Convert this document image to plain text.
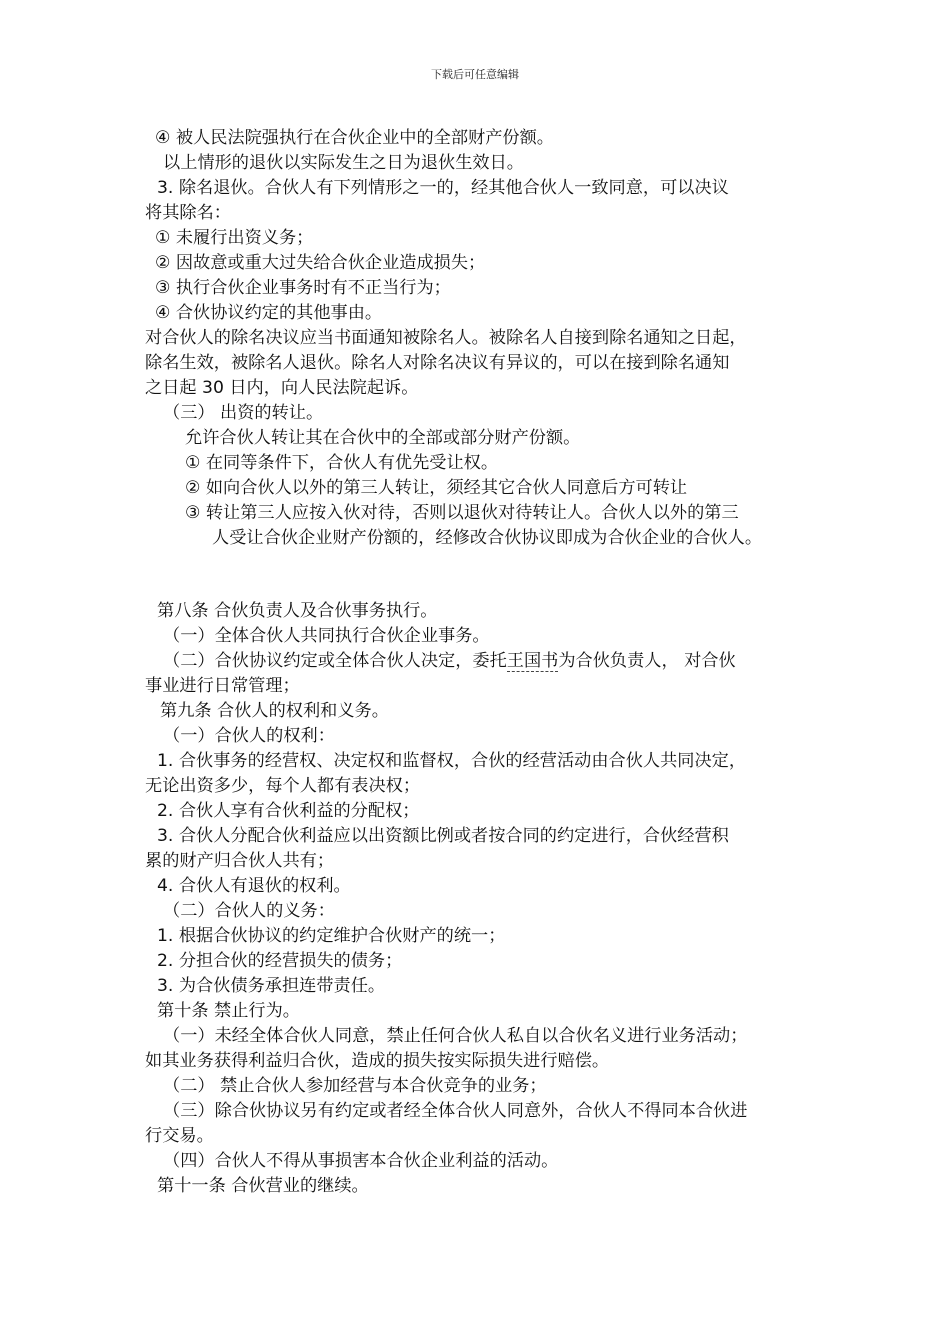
下载后可任意编辑
④ 被人民法院强执行在合伙企业中的全部财产份额。
以上情形的退伙以实际发生之日为退伙生效日。
3. 除名退伙。合伙人有下列情形之一的，经其他合伙人一致同意，可以决议
将其除名：
① 未履行出资义务；
② 因故意或重大过失给合伙企业造成损失；
③ 执行合伙企业事务时有不正当行为；
④ 合伙协议约定的其他事由。
对合伙人的除名决议应当书面通知被除名人。被除名人自接到除名通知之日起，
除名生效，被除名人退伙。除名人对除名决议有异议的，可以在接到除名通知
之日起 30 日内，向人民法院起诉。
（三） 出资的转让。
允许合伙人转让其在合伙中的全部或部分财产份额。
① 在同等条件下，合伙人有优先受让权。
② 如向合伙人以外的第三人转让，须经其它合伙人同意后方可转让
③ 转让第三人应按入伙对待，否则以退伙对待转让人。合伙人以外的第三
人受让合伙企业财产份额的，经修改合伙协议即成为合伙企业的合伙人。
第八条 合伙负责人及合伙事务执行。
（一）全体合伙人共同执行合伙企业事务。
（二）合伙协议约定或全体合伙人决定，委托王国书为合伙负责人， 对合伙
事业进行日常管理；
第九条 合伙人的权利和义务。
（一）合伙人的权利：
1. 合伙事务的经营权、决定权和监督权，合伙的经营活动由合伙人共同决定，
无论出资多少，每个人都有表决权；
2. 合伙人享有合伙利益的分配权；
3. 合伙人分配合伙利益应以出资额比例或者按合同的约定进行，合伙经营积
累的财产归合伙人共有；
4. 合伙人有退伙的权利。
（二）合伙人的义务：
1. 根据合伙协议的约定维护合伙财产的统一；
2. 分担合伙的经营损失的债务；
3. 为合伙债务承担连带责任。
第十条 禁止行为。
（一）未经全体合伙人同意，禁止任何合伙人私自以合伙名义进行业务活动；
如其业务获得利益归合伙，造成的损失按实际损失进行赔偿。
（二） 禁止合伙人参加经营与本合伙竞争的业务；
（三）除合伙协议另有约定或者经全体合伙人同意外，合伙人不得同本合伙进
行交易。
（四）合伙人不得从事损害本合伙企业利益的活动。
第十一条 合伙营业的继续。
